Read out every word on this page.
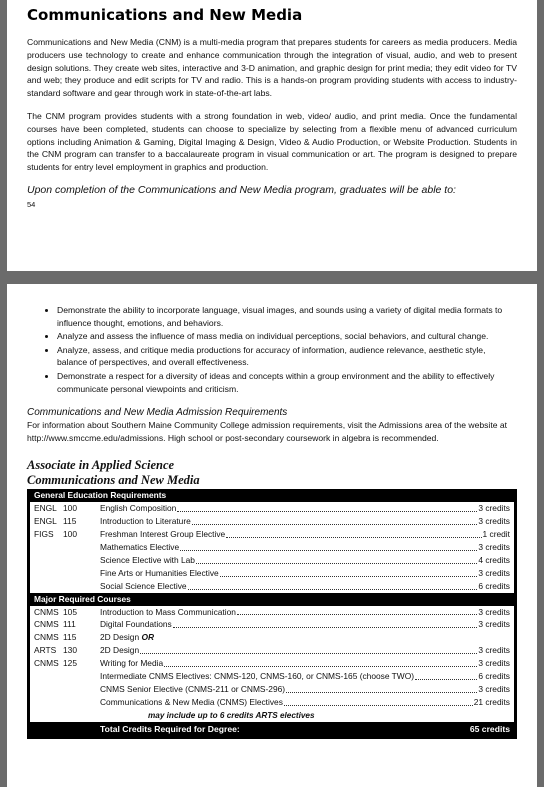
Communications and New Media

Communications and New Media (CNM) is a multi-media program that prepares students for careers as media producers. Media producers use technology to create and enhance communication through the integration of visual, audio, and web to present design solutions. They create web sites, interactive and 3-D animation, and graphic design for print media; they edit video for TV and web; they produce and edit scripts for TV and radio. This is a hands-on program providing students with access to industry-standard software and gear through work in state-of-the-art labs.

The CNM program provides students with a strong foundation in web, video/ audio, and print media. Once the fundamental courses have been completed, students can choose to specialize by selecting from a flexible menu of advanced curriculum options including Animation & Gaming, Digital Imaging & Design, Video & Audio Production, or Website Production. Students in the CNM program can transfer to a baccalaureate program in visual communication or art. The program is designed to prepare students for entry level employment in graphics and production.

Upon completion of the Communications and New Media program, graduates will be able to:
54
• Demonstrate the ability to incorporate language, visual images, and sounds using a variety of digital media formats to influence thought, emotions, and behaviors.
• Analyze and assess the influence of mass media on individual perceptions, social behaviors, and cultural change.
• Analyze, assess, and critique media productions for accuracy of information, audience relevance, aesthetic style, balance of perspectives, and overall effectiveness.
• Demonstrate a respect for a diversity of ideas and concepts within a group environment and the ability to effectively communicate personal viewpoints and criticism.
Communications and New Media Admission Requirements

For information about Southern Maine Community College admission requirements, visit the Admissions area of the website at http://www.smccme.edu/admissions. High school or post-secondary coursework in algebra is recommended.

Associate in Applied Science
Communications and New Media
General Education Requirements
ENGL 100	English Composition	3 credits
ENGL 115	Introduction to Literature	3 credits
FIGS	100	Freshman Interest Group Elective	1 credit
Mathematics Elective	3 credits
Science Elective with Lab	4 credits
Fine Arts or Humanities Elective	3 credits
Social Science Elective	6 credits
Major Required Courses
CNMS 105	Introduction to Mass Communication	3 credits
CNMS 111	Digital Foundations	3 credits
CNMS 115	2D Design OR
ARTS 130	2D Design	3 credits
CNMS 125	Writing for Media	3 credits
Intermediate CNMS Electives: CNMS-120, CNMS-160, or CNMS-165 (choose TWO)	6 credits
CNMS Senior Elective (CNMS-211 or CNMS-296)	3 credits
Communications & New Media (CNMS) Electives	21 credits
may include up to 6 credits ARTS electives
Total Credits Required for Degree:	65 credits
